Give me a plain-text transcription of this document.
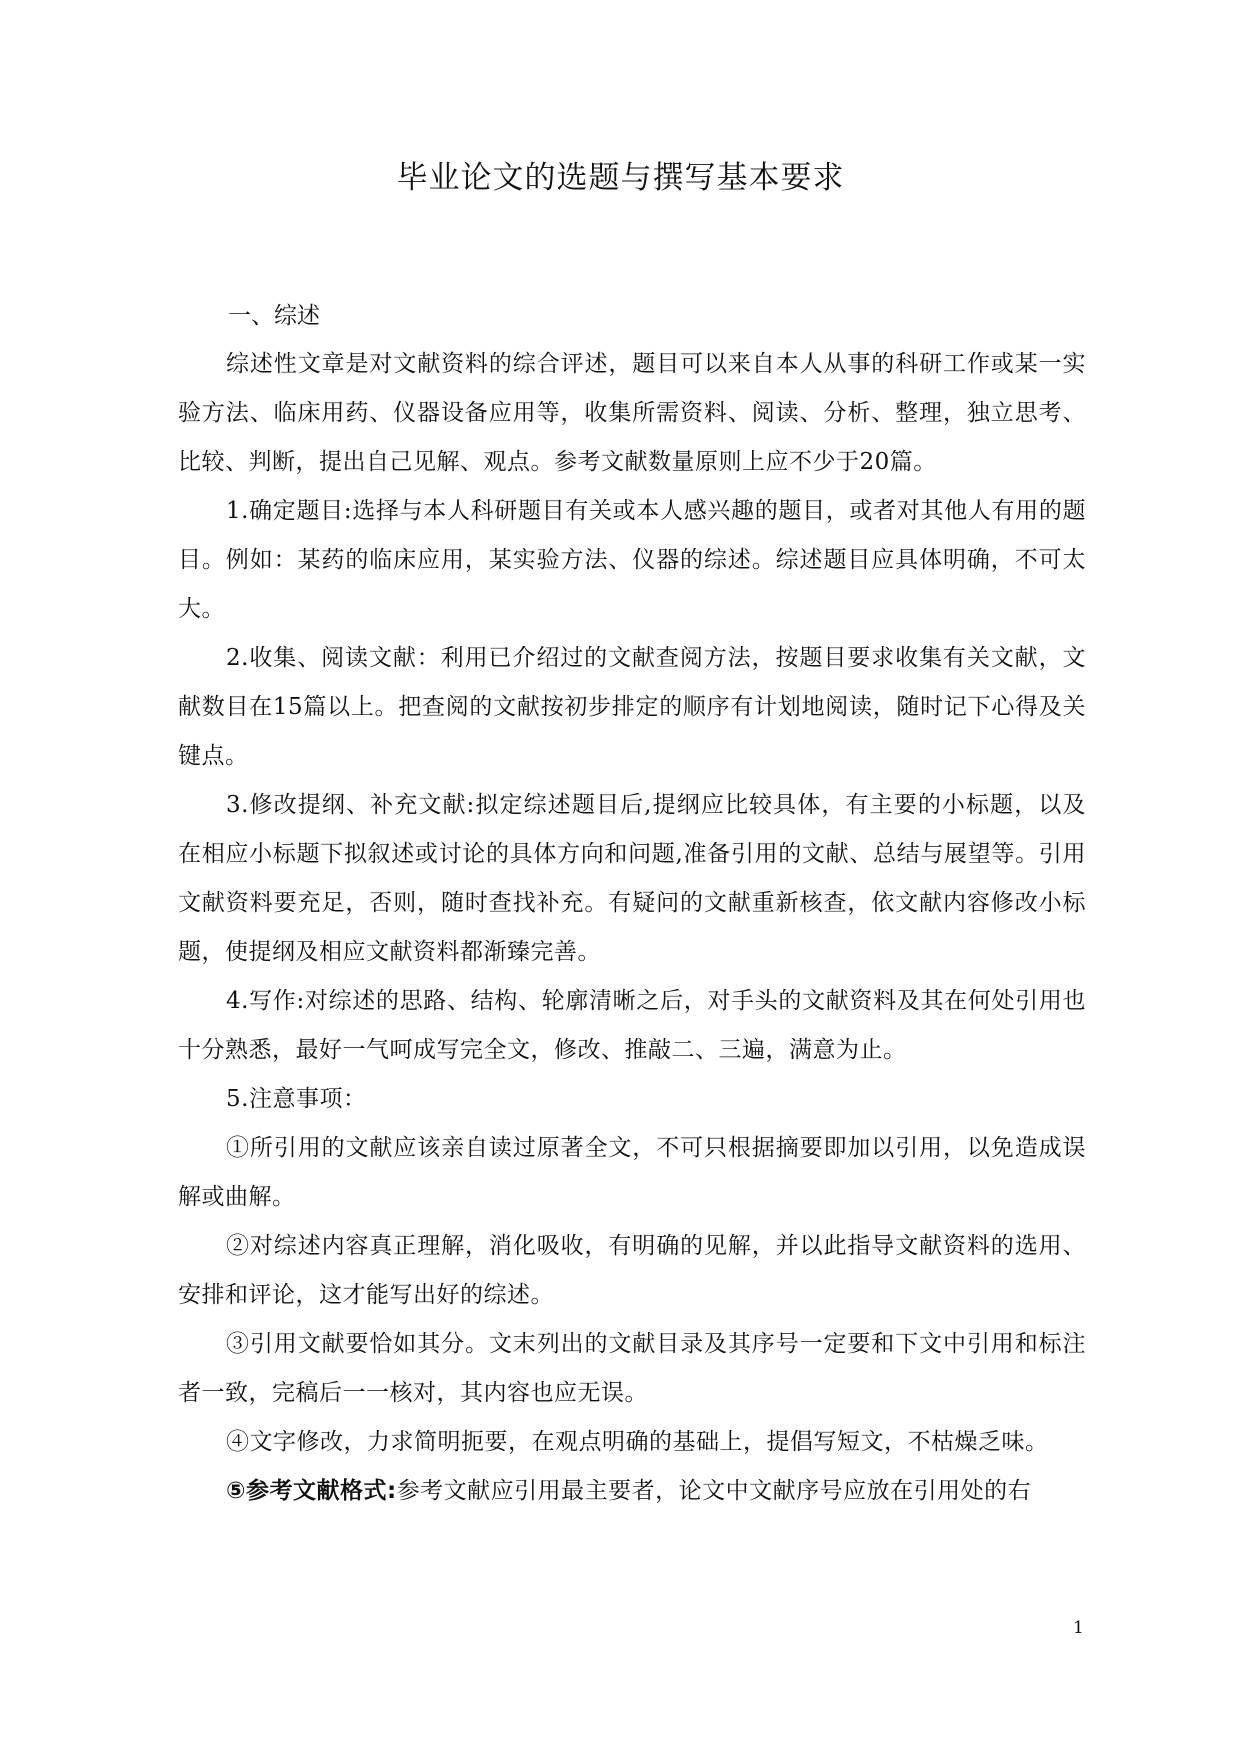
毕业论文的选题与撰写基本要求
一、综述

综述性文章是对文献资料的综合评述，题目可以来自本人从事的科研工作或某一实验方法、临床用药、仪器设备应用等，收集所需资料、阅读、分析、整理，独立思考、比较、判断，提出自己见解、观点。参考文献数量原则上应不少于20篇。

1.确定题目:选择与本人科研题目有关或本人感兴趣的题目，或者对其他人有用的题目。例如：某药的临床应用，某实验方法、仪器的综述。综述题目应具体明确，不可太大。

2.收集、阅读文献：利用已介绍过的文献查阅方法，按题目要求收集有关文献，文献数目在15篇以上。把查阅的文献按初步排定的顺序有计划地阅读，随时记下心得及关键点。

3.修改提纲、补充文献:拟定综述题目后,提纲应比较具体，有主要的小标题，以及在相应小标题下拟叙述或讨论的具体方向和问题,准备引用的文献、总结与展望等。引用文献资料要充足，否则，随时查找补充。有疑问的文献重新核查，依文献内容修改小标题，使提纲及相应文献资料都渐臻完善。

4.写作:对综述的思路、结构、轮廓清晰之后，对手头的文献资料及其在何处引用也十分熟悉，最好一气呵成写完全文，修改、推敲二、三遍，满意为止。

5.注意事项：

①所引用的文献应该亲自读过原著全文，不可只根据摘要即加以引用，以免造成误解或曲解。

②对综述内容真正理解，消化吸收，有明确的见解，并以此指导文献资料的选用、安排和评论，这才能写出好的综述。

③引用文献要恰如其分。文末列出的文献目录及其序号一定要和下文中引用和标注者一致，完稿后一一核对，其内容也应无误。

④文字修改，力求简明扼要，在观点明确的基础上，提倡写短文，不枯燥乏味。

⑤参考文献格式:参考文献应引用最主要者，论文中文献序号应放在引用处的右

1
